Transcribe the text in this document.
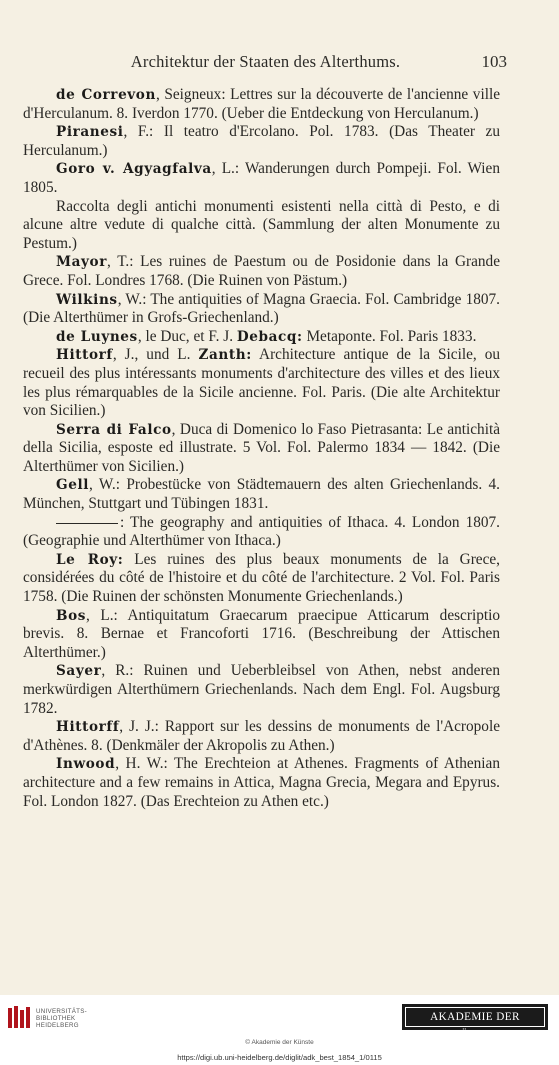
Architektur der Staaten des Alterthums.	103

de Correvon, Seigneux: Lettres sur la découverte de l'ancienne ville d'Herculanum. 8. Iverdon 1770. (Ueber die Entdeckung von Herculanum.)

Piranesi, F.: Il teatro d'Ercolano. Pol. 1783. (Das Theater zu Herculanum.)

Goro v. Agyagfalva, L.: Wanderungen durch Pompeji. Fol. Wien 1805.

Raccolta degli antichi monumenti esistenti nella città di Pesto, e di alcune altre vedute di qualche città. (Sammlung der alten Monumente zu Pestum.)

Mayor, T.: Les ruines de Paestum ou de Posidonie dans la Grande Grece. Fol. Londres 1768. (Die Ruinen von Pästum.)

Wilkins, W.: The antiquities of Magna Graecia. Fol. Cambridge 1807. (Die Alterthümer in Grofs-Griechenland.)

de Luynes, le Duc, et F. J. Debacq: Metaponte. Fol. Paris 1833.

Hittorf, J., und L. Zanth: Architecture antique de la Sicile, ou recueil des plus intéressants monuments d'architecture des villes et des lieux les plus rémarquables de la Sicile ancienne. Fol. Paris. (Die alte Architektur von Sicilien.)

Serra di Falco, Duca di Domenico lo Faso Pietrasanta: Le antichità della Sicilia, esposte ed illustrate. 5 Vol. Fol. Palermo 1834 — 1842. (Die Alterthümer von Sicilien.)

Gell, W.: Probestücke von Städtemauern des alten Griechenlands. 4. München, Stuttgart und Tübingen 1831.

: The geography and antiquities of Ithaca. 4. London 1807. (Geographie und Alterthümer von Ithaca.)

Le Roy: Les ruines des plus beaux monuments de la Grece, considérées du côté de l'histoire et du côté de l'architecture. 2 Vol. Fol. Paris 1758. (Die Ruinen der schönsten Monumente Griechenlands.)

Bos, L.: Antiquitatum Graecarum praecipue Atticarum descriptio brevis. 8. Bernae et Francoforti 1716. (Beschreibung der Attischen Alterthümer.)

Sayer, R.: Ruinen und Ueberbleibsel von Athen, nebst anderen merkwürdigen Alterthümern Griechenlands. Nach dem Engl. Fol. Augsburg 1782.

Hittorff, J. J.: Rapport sur les dessins de monuments de l'Acropole d'Athènes. 8. (Denkmäler der Akropolis zu Athen.)

Inwood, H. W.: The Erechteion at Athenes. Fragments of Athenian architecture and a few remains in Attica, Magna Grecia, Megara and Epyrus. Fol. London 1827. (Das Erechteion zu Athen etc.)

UNIVERSITÄTS-
BIBLIOTHEK
HEIDELBERG
AKADEMIE DER KÜNSTE
© Akademie der Künste
https://digi.ub.uni-heidelberg.de/diglit/adk_best_1854_1/0115
